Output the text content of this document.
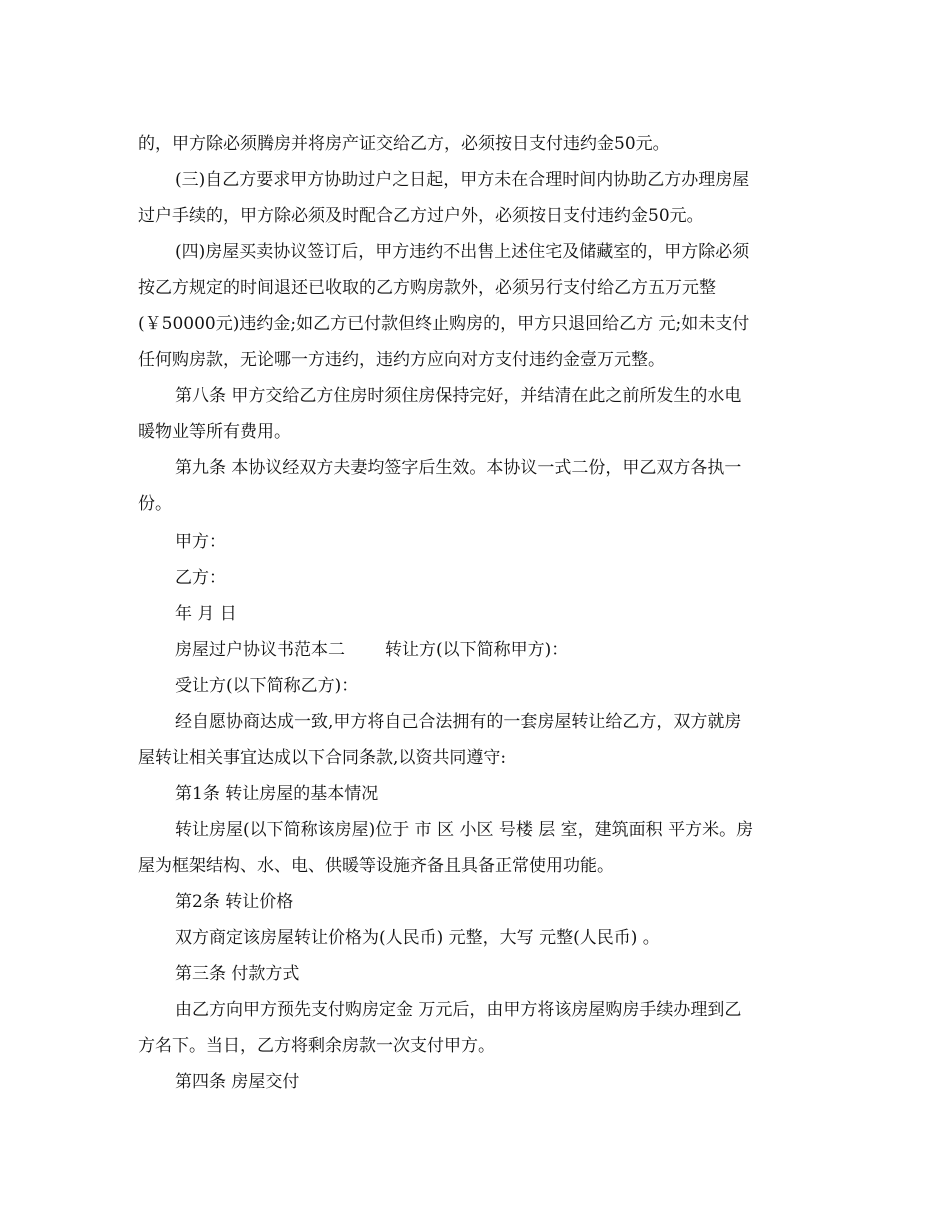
的，甲方除必须腾房并将房产证交给乙方，必须按日支付违约金50元。

(三)自乙方要求甲方协助过户之日起，甲方未在合理时间内协助乙方办理房屋
过户手续的，甲方除必须及时配合乙方过户外，必须按日支付违约金50元。

(四)房屋买卖协议签订后，甲方违约不出售上述住宅及储藏室的，甲方除必须
按乙方规定的时间退还已收取的乙方购房款外，必须另行支付给乙方五万元整
(￥50000元)违约金;如乙方已付款但终止购房的，甲方只退回给乙方 元;如未支付
任何购房款，无论哪一方违约，违约方应向对方支付违约金壹万元整。

第八条 甲方交给乙方住房时须住房保持完好，并结清在此之前所发生的水电
暖物业等所有费用。

第九条 本协议经双方夫妻均签字后生效。本协议一式二份，甲乙双方各执一
份。

甲方：

乙方：

年 月 日

房屋过户协议书范本二 转让方(以下简称甲方)：

受让方(以下简称乙方)：

经自愿协商达成一致,甲方将自己合法拥有的一套房屋转让给乙方，双方就房
屋转让相关事宜达成以下合同条款,以资共同遵守:

第1条 转让房屋的基本情况

转让房屋(以下简称该房屋)位于 市 区 小区 号楼 层 室，建筑面积 平方米。房
屋为框架结构、水、电、供暖等设施齐备且具备正常使用功能。

第2条 转让价格

双方商定该房屋转让价格为(人民币) 元整，大写 元整(人民币) 。

第三条 付款方式

由乙方向甲方预先支付购房定金 万元后，由甲方将该房屋购房手续办理到乙
方名下。当日，乙方将剩余房款一次支付甲方。

第四条 房屋交付
